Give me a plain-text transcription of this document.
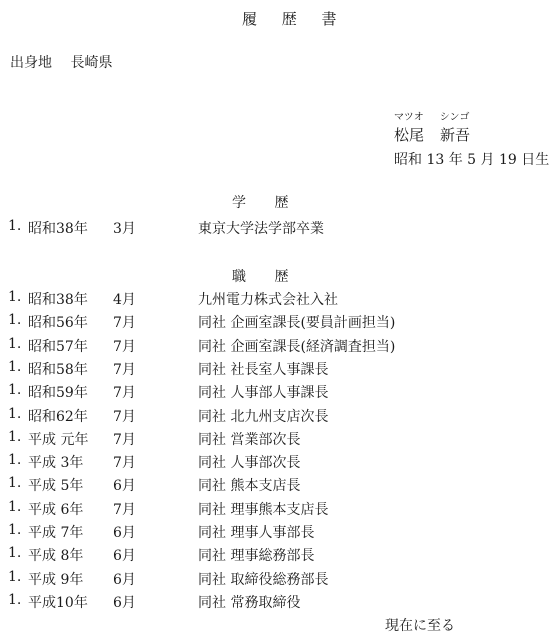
履 歴 書
出身地 長崎県
マツオ シンゴ
松尾 新吾
昭和 13 年 5 月 19 日生
学 歴
1. 昭和38年 3月	東京大学法学部卒業
職 歴
1. 昭和38年 4月	九州電力株式会社入社
1. 昭和56年 7月	同社 企画室課長(要員計画担当)
1. 昭和57年 7月	同社 企画室課長(経済調査担当)
1. 昭和58年 7月	同社 社長室人事課長
1. 昭和59年 7月	同社 人事部人事課長
1. 昭和62年 7月	同社 北九州支店次長
1. 平成 元年 7月	同社 営業部次長
1. 平成 3年 7月	同社 人事部次長
1. 平成 5年 6月	同社 熊本支店長
1. 平成 6年 7月	同社 理事熊本支店長
1. 平成 7年 6月	同社 理事人事部長
1. 平成 8年 6月	同社 理事総務部長
1. 平成 9年 6月	同社 取締役総務部長
1. 平成10年 6月	同社 常務取締役
現在に至る
